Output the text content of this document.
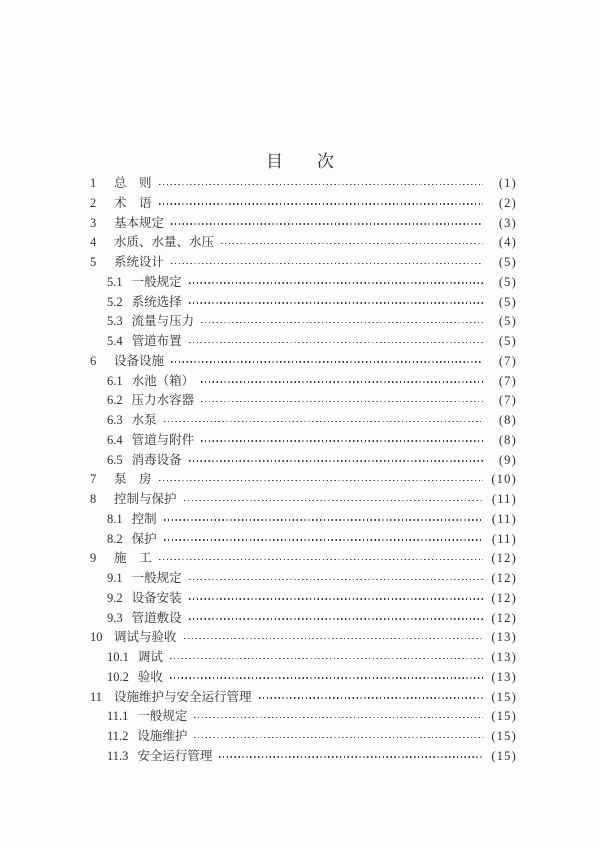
目　　次
1	总　则	(1)
2	术　语	(2)
3	基本规定	(3)
4	水质、水量、水压	(4)
5	系统设计	(5)
5.1 一般规定	(5)
5.2 系统选择	(5)
5.3 流量与压力	(5)
5.4 管道布置	(5)
6	设备设施	(7)
6.1 水池（箱）	(7)
6.2 压力水容器	(7)
6.3 水泵	(8)
6.4 管道与附件	(8)
6.5 消毒设备	(9)
7	泵　房	(10)
8	控制与保护	(11)
8.1 控制	(11)
8.2 保护	(11)
9	施　工	(12)
9.1 一般规定	(12)
9.2 设备安装	(12)
9.3 管道敷设	(12)
10 调试与验收	(13)
10.1 调试	(13)
10.2 验收	(13)
11 设施维护与安全运行管理	(15)
11.1 一般规定	(15)
11.2 设施维护	(15)
11.3 安全运行管理	(15)
